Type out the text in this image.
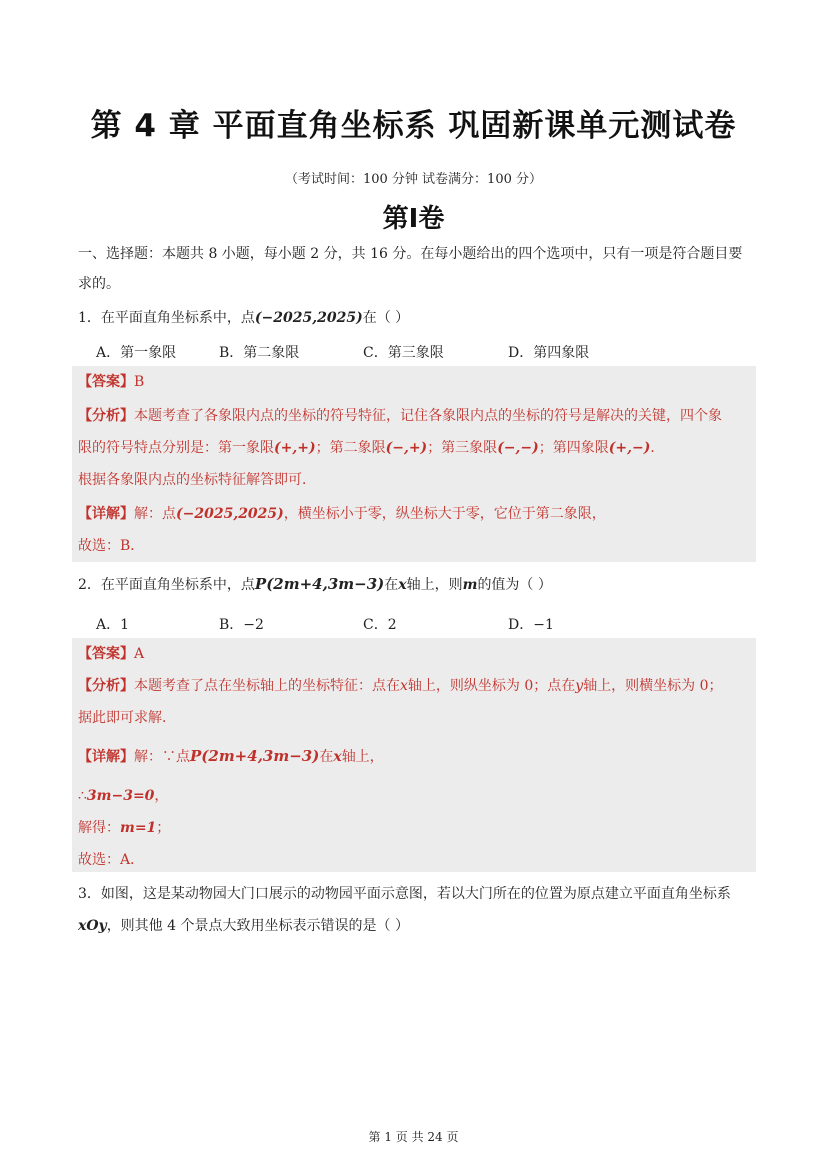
第 4 章 平面直角坐标系 巩固新课单元测试卷
（考试时间：100 分钟 试卷满分：100 分）
第Ⅰ卷
一、选择题：本题共 8 小题，每小题 2 分，共 16 分。在每小题给出的四个选项中，只有一项是符合题目要
求的。
1．在平面直角坐标系中，点(−2025,2025)在（ ）
A．第一象限	B．第二象限	C．第三象限	D．第四象限
【答案】B
【分析】本题考查了各象限内点的坐标的符号特征，记住各象限内点的坐标的符号是解决的关键，四个象
限的符号特点分别是：第一象限(+,+)；第二象限(−,+)；第三象限(−,−)；第四象限(+,−)．
根据各象限内点的坐标特征解答即可．
【详解】解：点(−2025,2025)，横坐标小于零，纵坐标大于零，它位于第二象限，
故选：B．
2．在平面直角坐标系中，点P(2m+4,3m−3)在x轴上，则m的值为（ ）
A．1	B．−2	C．2	D．−1
【答案】A
【分析】本题考查了点在坐标轴上的坐标特征：点在x轴上，则纵坐标为 0；点在y轴上，则横坐标为 0；
据此即可求解．
【详解】解：∵点P(2m+4,3m−3)在x轴上，
∴3m−3=0，
解得：m=1；
故选：A．
3．如图，这是某动物园大门口展示的动物园平面示意图，若以大门所在的位置为原点建立平面直角坐标系
xOy，则其他 4 个景点大致用坐标表示错误的是（ ）
第 1 页 共 24 页
